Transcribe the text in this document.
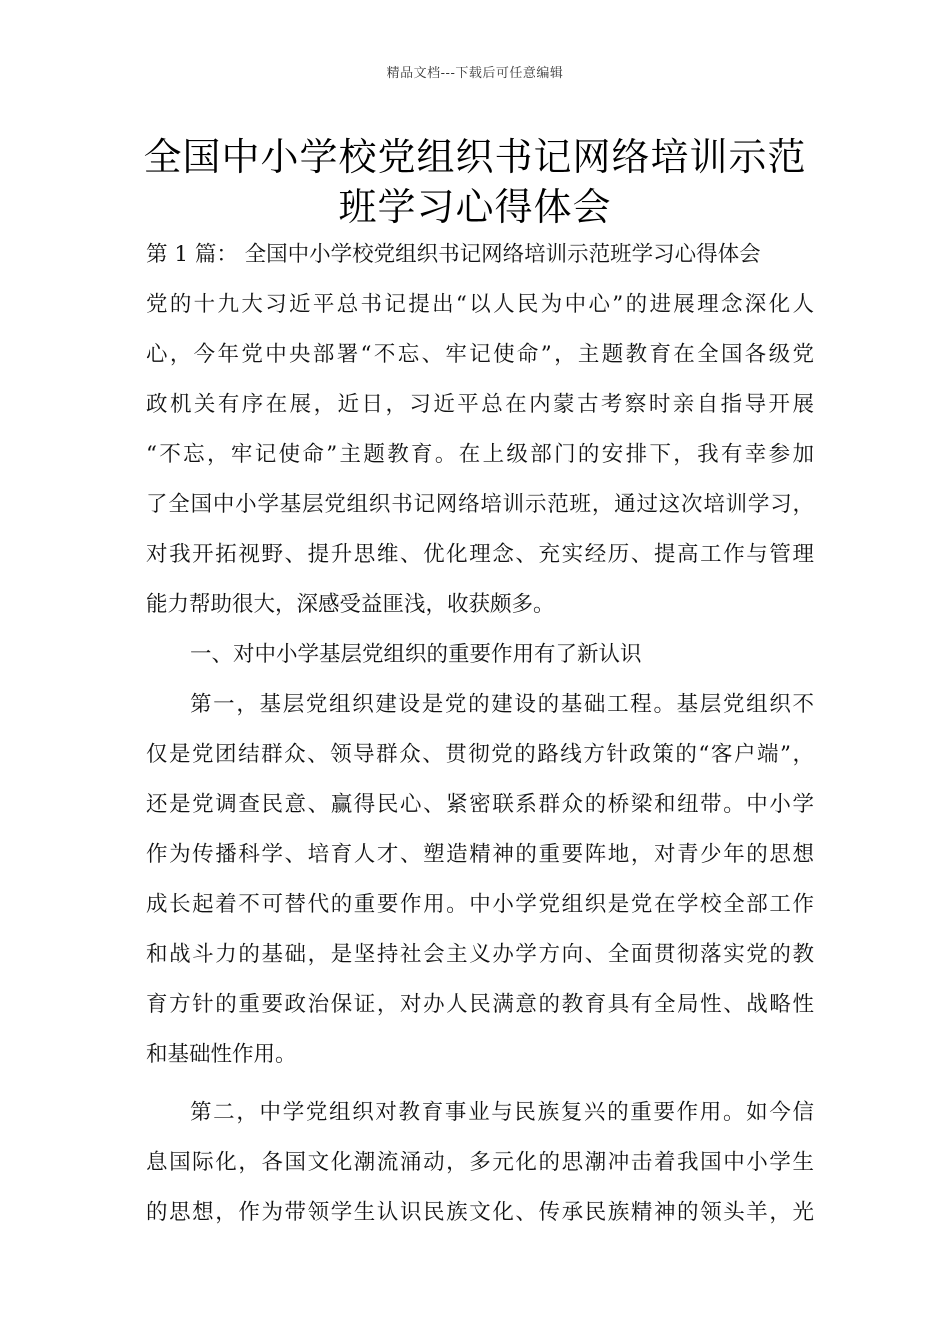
精品文档---下载后可任意编辑
全国中小学校党组织书记网络培训示范
班学习心得体会
第 1 篇： 全国中小学校党组织书记网络培训示范班学习心得体会
党的十九大习近平总书记提出“以人民为中心”的进展理念深化人
心，今年党中央部署“不忘、牢记使命”，主题教育在全国各级党
政机关有序在展，近日，习近平总在内蒙古考察时亲自指导开展
“不忘，牢记使命”主题教育。在上级部门的安排下，我有幸参加
了全国中小学基层党组织书记网络培训示范班，通过这次培训学习，
对我开拓视野、提升思维、优化理念、充实经历、提高工作与管理
能力帮助很大，深感受益匪浅，收获颇多。
一、对中小学基层党组织的重要作用有了新认识
第一，基层党组织建设是党的建设的基础工程。基层党组织不
仅是党团结群众、领导群众、贯彻党的路线方针政策的“客户端”，
还是党调查民意、赢得民心、紧密联系群众的桥梁和纽带。中小学
作为传播科学、培育人才、塑造精神的重要阵地，对青少年的思想
成长起着不可替代的重要作用。中小学党组织是党在学校全部工作
和战斗力的基础，是坚持社会主义办学方向、全面贯彻落实党的教
育方针的重要政治保证，对办人民满意的教育具有全局性、战略性
和基础性作用。
第二，中学党组织对教育事业与民族复兴的重要作用。如今信
息国际化，各国文化潮流涌动，多元化的思潮冲击着我国中小学生
的思想，作为带领学生认识民族文化、传承民族精神的领头羊，光
